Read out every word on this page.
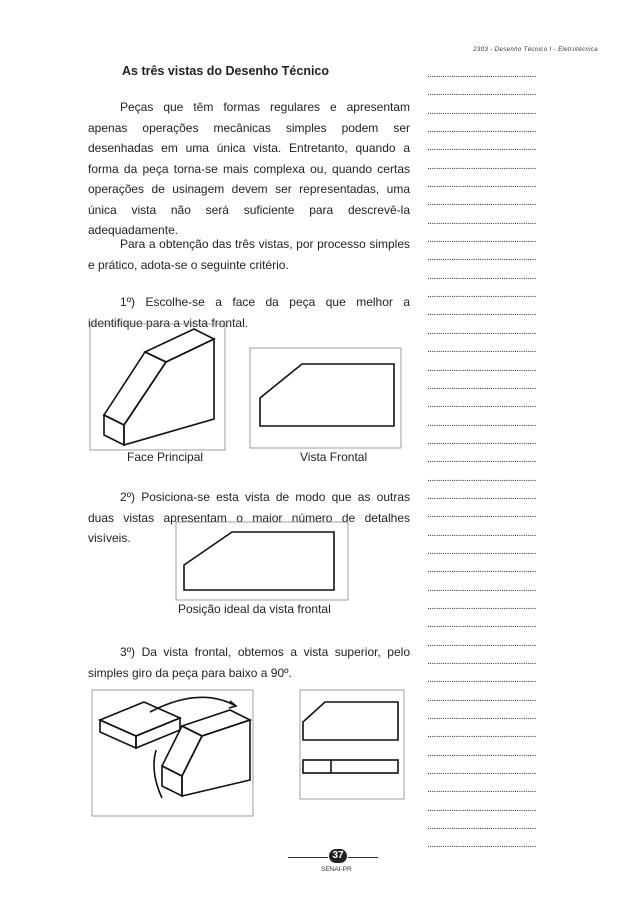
2303 - Desenho Técnico I - Eletrotécnica
As três vistas do Desenho Técnico

Peças que têm formas regulares e apresentam apenas operações mecânicas simples podem ser desenhadas em uma única vista. Entretanto, quando a forma da peça torna-se mais complexa ou, quando certas operações de usinagem devem ser representadas, uma única vista não será suficiente para descrevê-la adequadamente.

Para a obtenção das três vistas, por processo simples e prático, adota-se o seguinte critério.

1º) Escolhe-se a face da peça que melhor a identifique para a vista frontal.

Face Principal	Vista Frontal

2º) Posiciona-se esta vista de modo que as outras duas vistas apresentam o maior número de detalhes visíveis.

Posição ideal da vista frontal

3º) Da vista frontal, obtemos a vista superior, pelo simples giro da peça para baixo a 90º.

..................................................
..................................................
..................................................
..................................................
..................................................
..................................................
..................................................
..................................................
..................................................
..................................................
..................................................
..................................................
..................................................
..................................................
..................................................
..................................................
..................................................
..................................................
..................................................
..................................................
..................................................
..................................................
..................................................
..................................................
..................................................
..................................................
..................................................
..................................................
..................................................
..................................................
..................................................
..................................................
..................................................
..................................................
..................................................
..................................................
..................................................
..................................................
..................................................
..................................................
..................................................
..................................................
..................................................
37
SENAI-PR
